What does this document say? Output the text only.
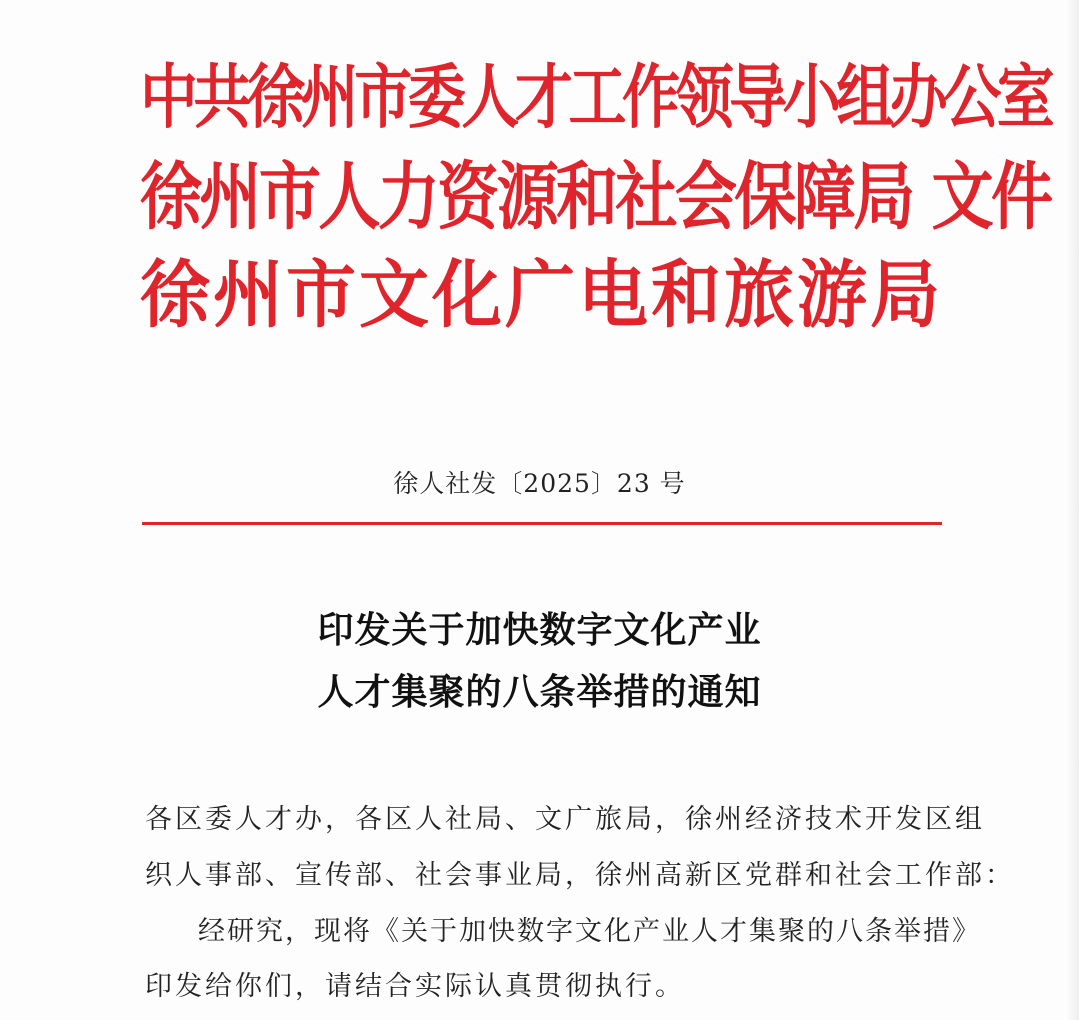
中共徐州市委人才工作领导小组办公室
徐州市人力资源和社会保障局 文件
徐州市文化广电和旅游局
徐人社发〔2025〕23 号
印发关于加快数字文化产业
人才集聚的八条举措的通知
各区委人才办，各区人社局、文广旅局，徐州经济技术开发区组
织人事部、宣传部、社会事业局，徐州高新区党群和社会工作部：
经研究，现将《关于加快数字文化产业人才集聚的八条举措》
印发给你们，请结合实际认真贯彻执行。
